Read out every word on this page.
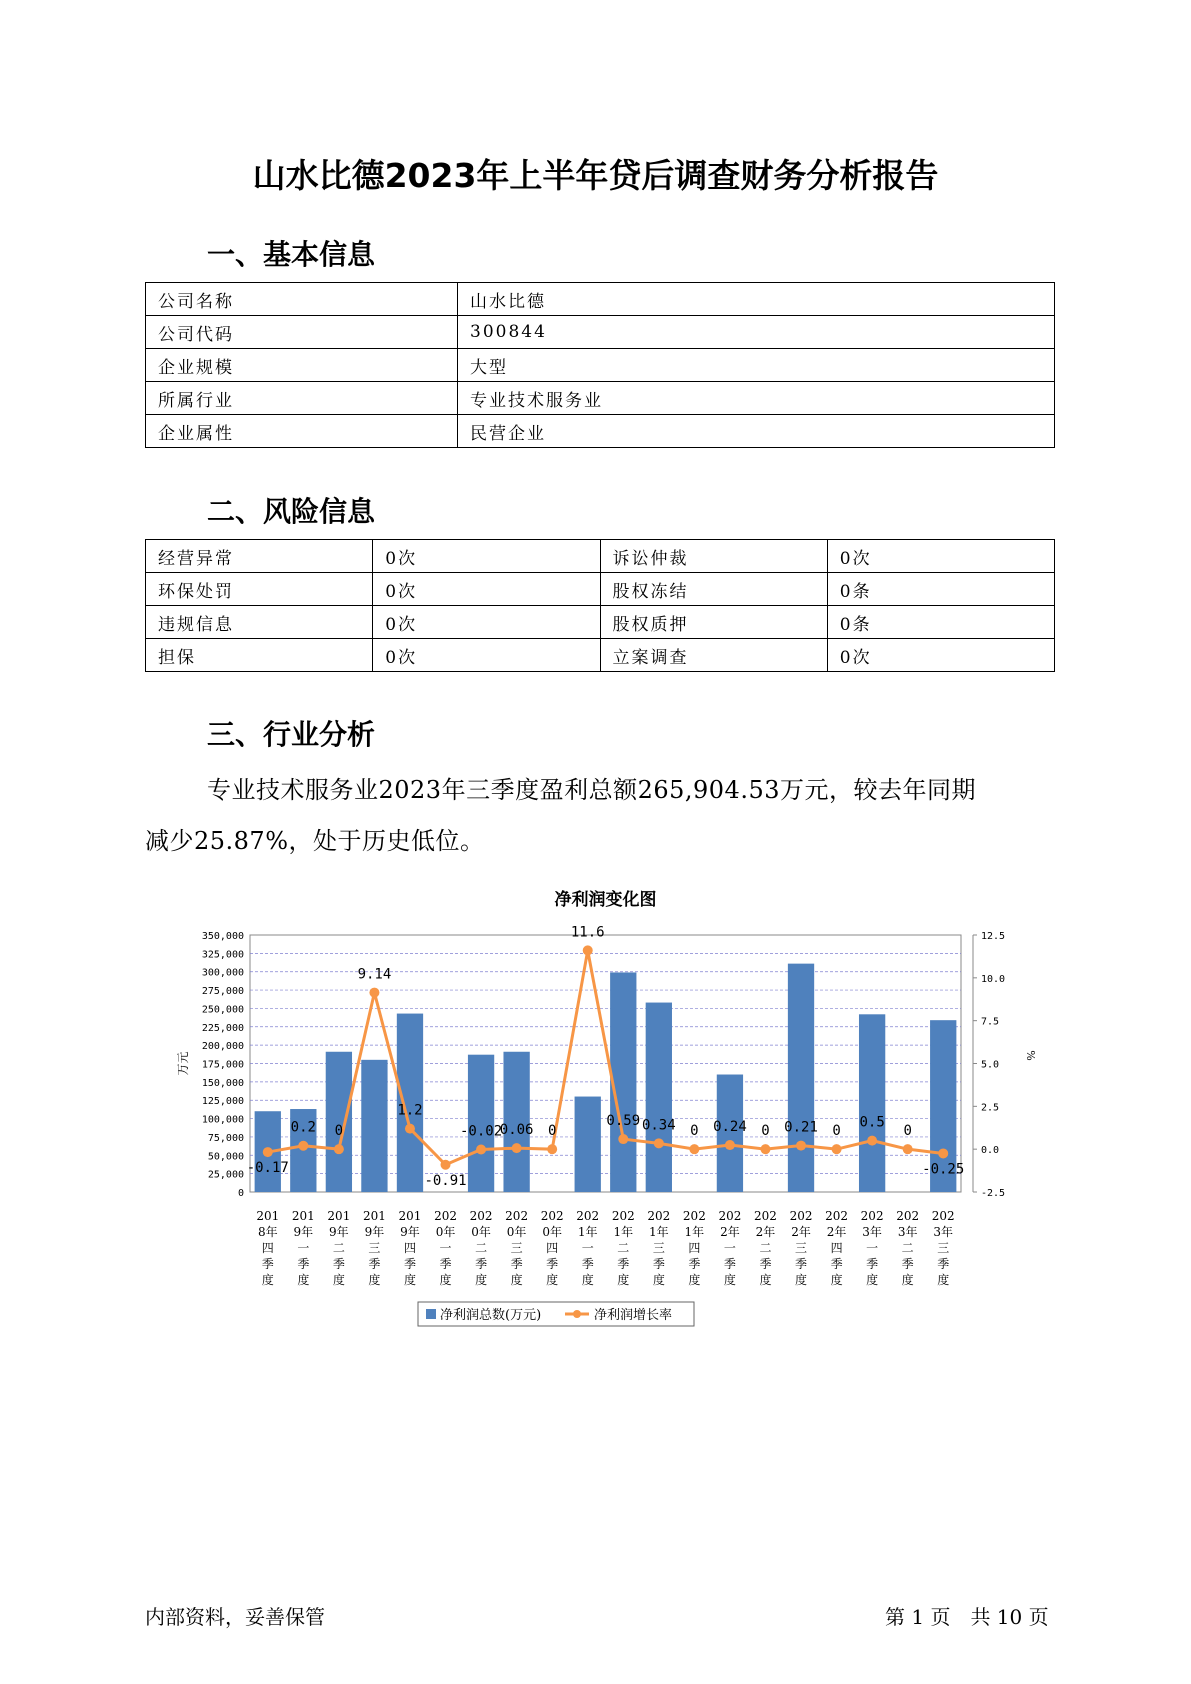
山水比德2023年上半年贷后调查财务分析报告
一、基本信息
公司名称	山水比德
公司代码	300844
企业规模	大型
所属行业	专业技术服务业
企业属性	民营企业
二、风险信息
经营异常	0次	诉讼仲裁	0次
环保处罚	0次	股权冻结	0条
违规信息	0次	股权质押	0条
担保	0次	立案调查	0次
三、行业分析
专业技术服务业2023年三季度盈利总额265,904.53万元，较去年同期
减少25.87%，处于历史低位。
净利润变化图
0
25,000
50,000
75,000
100,000
125,000
150,000
175,000
200,000
225,000
250,000
275,000
300,000
325,000
350,000
-2.5
0.0
2.5
5.0
7.5
10.0
12.5
万元	%
201 8年四季度
201 9年一季度
201 9年二季度
201 9年三季度
201 9年四季度
202 0年一季度
202 0年二季度
202 0年三季度
202 0年四季度
202 1年一季度
202 1年二季度
202 1年三季度
202 1年四季度
202 2年一季度
202 2年二季度
202 2年三季度
202 2年四季度
202 3年一季度
202 3年二季度
202 3年三季度
-0.17
0.2 0
9.14
1.2
-0.91
-0.02
0.06 0
11.6
0.59 0.34 0 0.24 0 0.21 0
0.5
0
-0.25
净利润总数(万元)	净利润增长率
内部资料，妥善保管	第 1 页　共 10 页
